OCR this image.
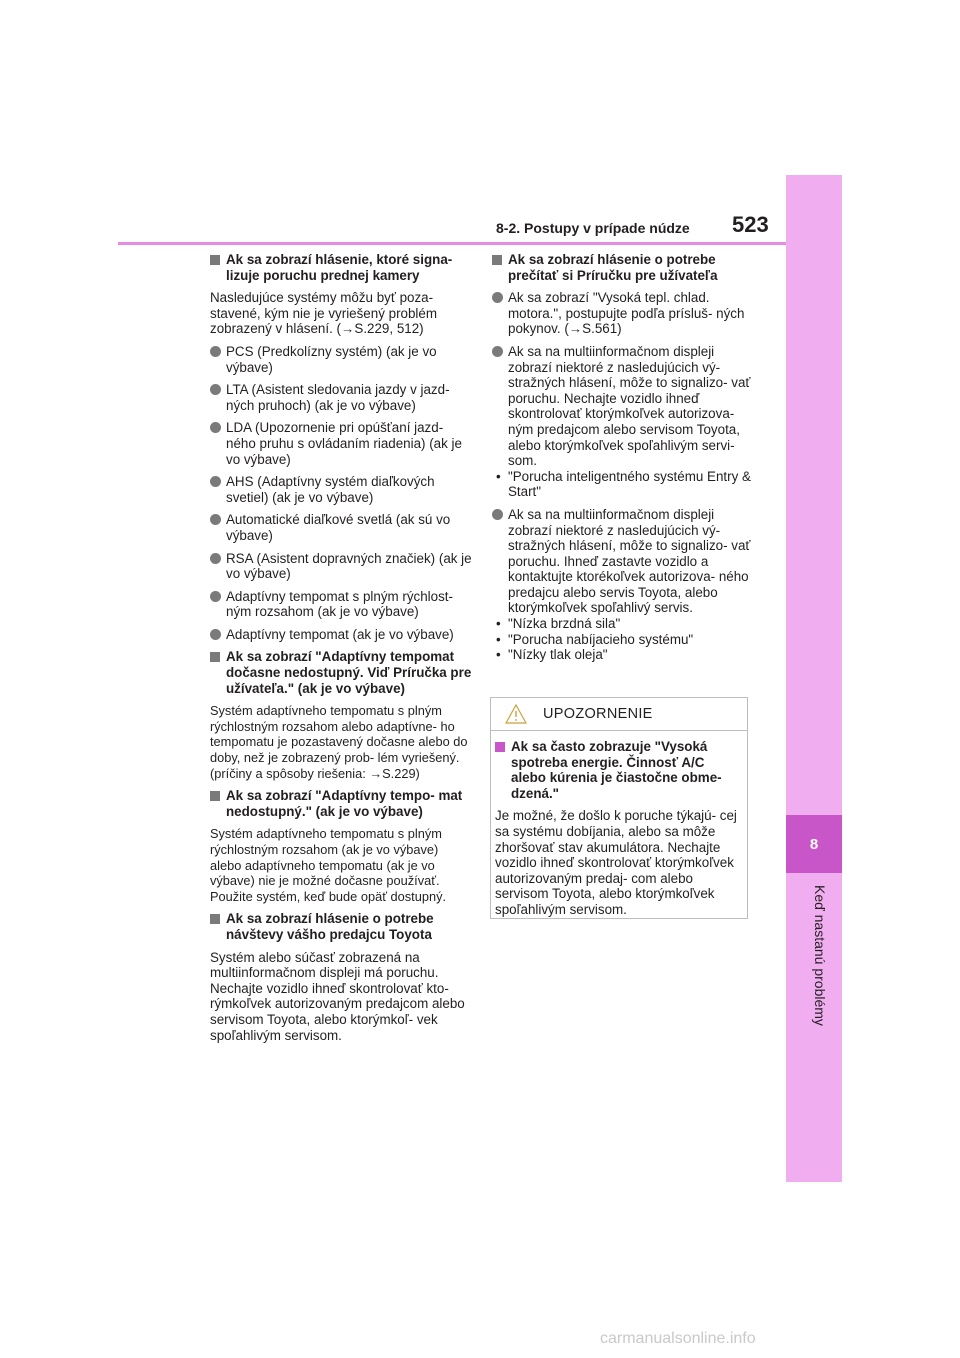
8
Keď nastanú problémy
8-2. Postupy v prípade núdze 523
Ak sa zobrazí hlásenie, ktoré signa- lizuje poruchu prednej kamery

Nasledujúce systémy môžu byť poza- stavené, kým nie je vyriešený problém zobrazený v hlásení. (→S.229, 512)

PCS (Predkolízny systém) (ak je vo výbave)
LTA (Asistent sledovania jazdy v jazd- ných pruhoch) (ak je vo výbave)
LDA (Upozornenie pri opúšťaní jazd- ného pruhu s ovládaním riadenia) (ak je vo výbave)
AHS (Adaptívny systém diaľkových svetiel) (ak je vo výbave)
Automatické diaľkové svetlá (ak sú vo výbave)
RSA (Asistent dopravných značiek) (ak je vo výbave)
Adaptívny tempomat s plným rýchlost- ným rozsahom (ak je vo výbave)
Adaptívny tempomat (ak je vo výbave)
Ak sa zobrazí "Adaptívny tempomat dočasne nedostupný. Viď Príručka pre užívateľa." (ak je vo výbave)

Systém adaptívneho tempomatu s plným rýchlostným rozsahom alebo adaptívne- ho tempomatu je pozastavený dočasne alebo do doby, než je zobrazený prob- lém vyriešený.

(príčiny a spôsoby riešenia: →S.229)

Ak sa zobrazí "Adaptívny tempo- mat nedostupný." (ak je vo výbave)

Systém adaptívneho tempomatu s plným rýchlostným rozsahom (ak je vo výbave) alebo adaptívneho tempomatu (ak je vo výbave) nie je možné dočasne používať. Použite systém, keď bude opäť dostupný.

Ak sa zobrazí hlásenie o potrebe návštevy vášho predajcu Toyota

Systém alebo súčasť zobrazená na multiinformačnom displeji má poruchu. Nechajte vozidlo ihneď skontrolovať kto- rýmkoľvek autorizovaným predajcom alebo servisom Toyota, alebo ktorýmkoľ- vek spoľahlivým servisom.

Ak sa zobrazí hlásenie o potrebe prečítať si Príručku pre užívateľa
Ak sa zobrazí "Vysoká tepl. chlad. motora.", postupujte podľa prísluš- ných pokynov. (→S.561)
Ak sa na multiinformačnom displeji zobrazí niektoré z nasledujúcich vý- stražných hlásení, môže to signalizo- vať poruchu. Nechajte vozidlo ihneď skontrolovať ktorýmkoľvek autorizova- ným predajcom alebo servisom Toyota, alebo ktorýmkoľvek spoľahlivým servi- som.
• "Porucha inteligentného systému Entry & Start"
Ak sa na multiinformačnom displeji zobrazí niektoré z nasledujúcich vý- stražných hlásení, môže to signalizo- vať poruchu. Ihneď zastavte vozidlo a kontaktujte ktorékoľvek autorizova- ného predajcu alebo servis Toyota, alebo ktorýmkoľvek spoľahlivý servis.
• "Nízka brzdná sila"
• "Porucha nabíjacieho systému"
• "Nízky tlak oleja"
UPOZORNENIE
Ak sa často zobrazuje "Vysoká spotreba energie. Činnosť A/C alebo kúrenia je čiastočne obme- dzená."

Je možné, že došlo k poruche týkajú- cej sa systému dobíjania, alebo sa môže zhoršovať stav akumulátora. Nechajte vozidlo ihneď skontrolovať ktorýmkoľvek autorizovaným predaj- com alebo servisom Toyota, alebo ktorýmkoľvek spoľahlivým servisom.

carmanualsonline.info
